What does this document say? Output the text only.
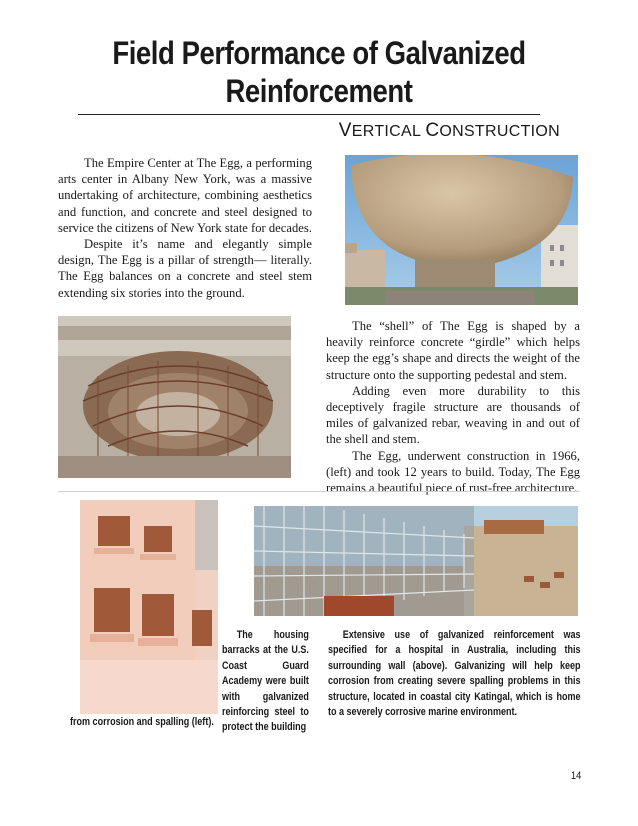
Field Performance of Galvanized
Reinforcement
VERTICAL CONSTRUCTION

The Empire Center at The Egg, a performing arts center in Albany New York, was a massive undertaking of architecture, combining aesthetics and function, and concrete and steel designed to service the citizens of New York state for decades.

Despite it’s name and elegantly simple design, The Egg is a pillar of strength— literally. The Egg balances on a concrete and steel stem extending six stories into the ground.

The “shell” of The Egg is shaped by a heavily reinforce concrete “girdle” which helps keep the egg’s shape and directs the weight of the structure onto the supporting pedestal and stem.

Adding even more durability to this deceptively fragile structure are thousands of miles of galvanized rebar, weaving in and out of the shell and stem.

The Egg, underwent construction in 1966, (left) and took 12 years to build. Today, The Egg remains a beautiful piece of rust-free architecture.

The housing barracks at the U.S. Coast Guard Academy were built with galvanized reinforcing steel to protect the building

from corrosion and spalling (left).

Extensive use of galvanized reinforcement was specified for a hospital in Australia, including this surrounding wall (above). Galvanizing will help keep corrosion from creating severe spalling problems in this structure, located in coastal city Katingal, which is home to a severely corrosive marine environment.

14
